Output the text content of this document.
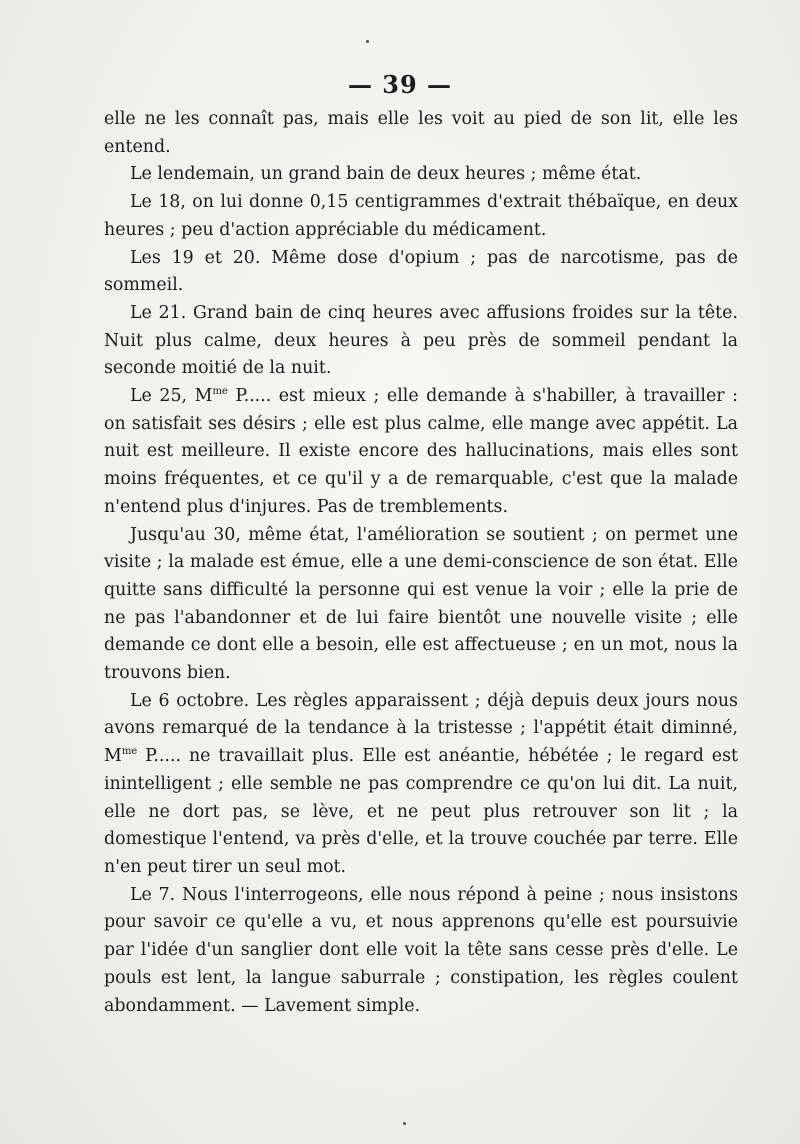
— 39 —

elle ne les connaît pas, mais elle les voit au pied de son lit, elle les entend.

Le lendemain, un grand bain de deux heures ; même état.

Le 18, on lui donne 0,15 centigrammes d'extrait thébaïque, en deux heures ; peu d'action appréciable du médicament.

Les 19 et 20. Même dose d'opium ; pas de narcotisme, pas de sommeil.

Le 21. Grand bain de cinq heures avec affusions froides sur la tête. Nuit plus calme, deux heures à peu près de sommeil pendant la seconde moitié de la nuit.

Le 25, $M^{me}$ P..... est mieux ; elle demande à s'habiller, à travailler : on satisfait ses désirs ; elle est plus calme, elle mange avec appétit. La nuit est meilleure. Il existe encore des hallucinations, mais elles sont moins fréquentes, et ce qu'il y a de remarquable, c'est que la malade n'entend plus d'injures. Pas de tremblements.

Jusqu'au 30, même état, l'amélioration se soutient ; on permet une visite ; la malade est émue, elle a une demi-conscience de son état. Elle quitte sans difficulté la personne qui est venue la voir ; elle la prie de ne pas l'abandonner et de lui faire bientôt une nouvelle visite ; elle demande ce dont elle a besoin, elle est affectueuse ; en un mot, nous la trouvons bien.

Le 6 octobre. Les règles apparaissent ; déjà depuis deux jours nous avons remarqué de la tendance à la tristesse ; l'appétit était diminné, $M^{me}$ P..... ne travaillait plus. Elle est anéantie, hébétée ; le regard est inintelligent ; elle semble ne pas comprendre ce qu'on lui dit. La nuit, elle ne dort pas, se lève, et ne peut plus retrouver son lit ; la domestique l'entend, va près d'elle, et la trouve couchée par terre. Elle n'en peut tirer un seul mot.

Le 7. Nous l'interrogeons, elle nous répond à peine ; nous insistons pour savoir ce qu'elle a vu, et nous apprenons qu'elle est poursuivie par l'idée d'un sanglier dont elle voit la tête sans cesse près d'elle. Le pouls est lent, la langue saburrale ; constipation, les règles coulent abondamment. — Lavement simple.
